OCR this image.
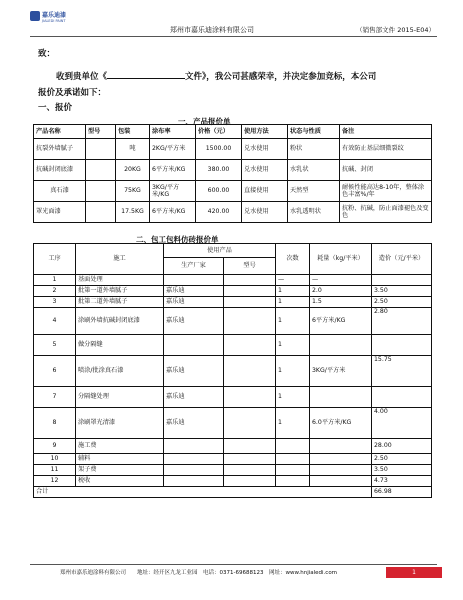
嘉乐迪漆
JIALEDI PAINT
郑州市嘉乐迪涂料有限公司	（销售部文件 2015-E04）
致：
收到贵单位《	文件》，我公司甚感荣幸，并决定参加竞标，本公司
报价及承诺如下：
一、报价
一、产品报价单
产品名称	型号	包装	涂布率	价格（元）	使用方法	状态与性质	备注
抗裂外墙腻子		吨	2KG/平方米	1500.00	兑水使用	粉状	有效防止基层细微裂纹
抗碱封闭底漆		20KG	6平方米/KG	380.00	兑水使用	水乳状	抗碱、封闭
真石漆		75KG	3KG/平方米/KG	600.00	直接使用	天然型	耐候性能高达8-10年，整体涂色丰富%/年
罩光面漆		17.5KG	6平方米/KG	420.00	兑水使用	水乳透明状	抗粉、抗碱，防止面漆褪色及变色
二、包工包料仿砖报价单
工序	施工	使用产品		次数	耗量（kg/平米）	造价（元/平米）
		生产厂家	型号			
1	基面处理			—	—	
2	批第一道外墙腻子	嘉乐迪		1	2.0	3.50
3	批第二道外墙腻子	嘉乐迪		1	1.5	2.50
4	涂刷外墙抗碱封闭底漆	嘉乐迪		1	6平方米/KG	2.80
5	做分隔缝			1		
6	喷涂/批涂真石漆	嘉乐迪		1	3KG/平方米	15.75
7	分隔缝处理	嘉乐迪		1		
8	涂刷罩光清漆	嘉乐迪		1	6.0平方米/KG	4.00
9	施工费					28.00
10	辅料					2.50
11	架子费					3.50
12	税收					4.73
合计						66.98
郑州市嘉乐迪涂料有限公司　　地址：经开区九龙工业园　电话：0371-69688123　网址：www.hnjialedi.com	1
